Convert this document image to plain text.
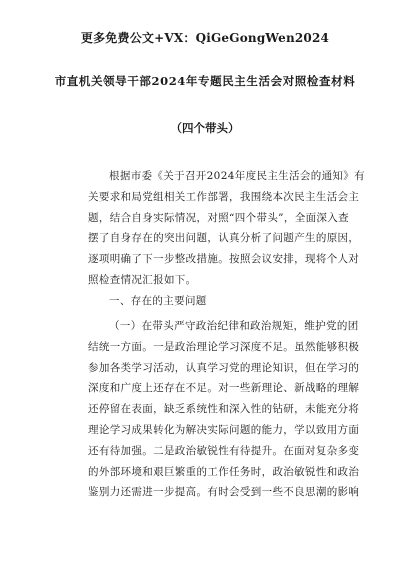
更多免费公文+VX：QiGeGongWen2024
市直机关领导干部2024年专题民主生活会对照检查材料
（四个带头）
根据市委《关于召开2024年度民主生活会的通知》有
关要求和局党组相关工作部署，我围绕本次民主生活会主
题，结合自身实际情况，对照“四个带头”，全面深入查
摆了自身存在的突出问题，认真分析了问题产生的原因，
逐项明确了下一步整改措施。按照会议安排，现将个人对
照检查情况汇报如下。
一、存在的主要问题
（一）在带头严守政治纪律和政治规矩，维护党的团
结统一方面。一是政治理论学习深度不足。虽然能够积极
参加各类学习活动，认真学习党的理论知识，但在学习的
深度和广度上还存在不足。对一些新理论、新战略的理解
还停留在表面，缺乏系统性和深入性的钻研，未能充分将
理论学习成果转化为解决实际问题的能力，学以致用方面
还有待加强。二是政治敏锐性有待提升。在面对复杂多变
的外部环境和艰巨繁重的工作任务时，政治敏锐性和政治
鉴别力还需进一步提高。有时会受到一些不良思潮的影响
